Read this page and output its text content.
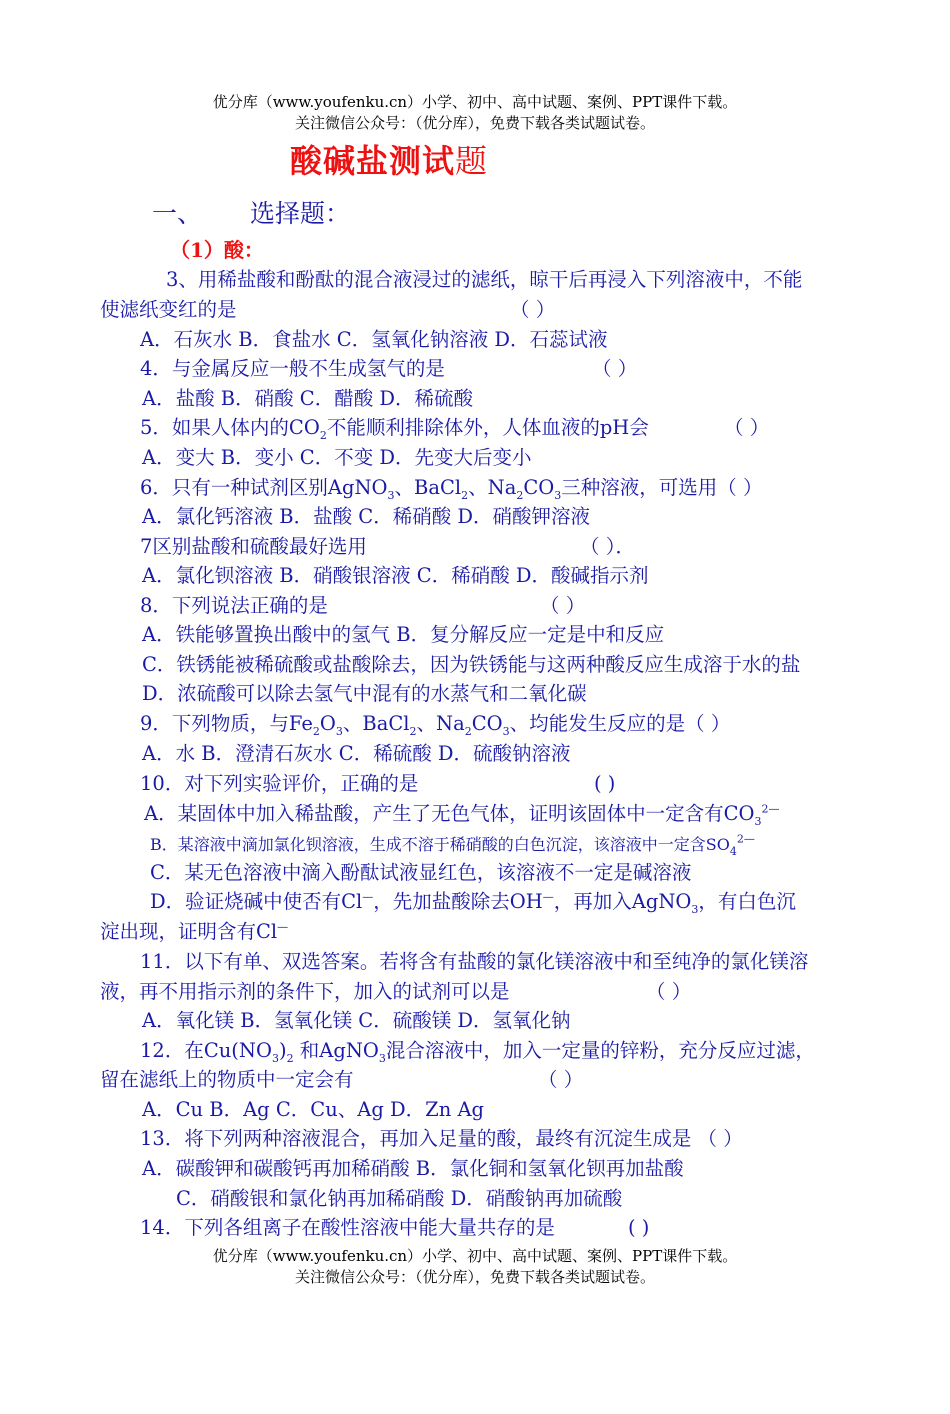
优分库（www.youfenku.cn）小学、初中、高中试题、案例、PPT课件下载。
关注微信公众号：（优分库），免费下载各类试题试卷。
酸碱盐测试题
一、 选择题：
（1）酸：
3、用稀盐酸和酚酞的混合液浸过的滤纸，晾干后再浸入下列溶液中，不能
使滤纸变红的是	（ ）
A．石灰水 B．食盐水 C．氢氧化钠溶液 D．石蕊试液
4．与金属反应一般不生成氢气的是	（ ）
A．盐酸 B．硝酸 C．醋酸 D．稀硫酸
5．如果人体内的$CO_2$不能顺利排除体外，人体血液的pH会	（ ）
A．变大 B．变小 C．不变 D．先变大后变小
6．只有一种试剂区别AgNO$_3$、BaCl$_2$、$Na_2CO_3$三种溶液，可选用（ ）
A．氯化钙溶液 B．盐酸 C．稀硝酸 D．硝酸钾溶液
7区别盐酸和硫酸最好选用	（ ）．
A．氯化钡溶液 B．硝酸银溶液 C．稀硝酸 D．酸碱指示剂
8．下列说法正确的是	（ ）
A．铁能够置换出酸中的氢气 B．复分解反应一定是中和反应
C．铁锈能被稀硫酸或盐酸除去，因为铁锈能与这两种酸反应生成溶于水的盐
D．浓硫酸可以除去氢气中混有的水蒸气和二氧化碳
9．下列物质，与$Fe_2O_3$、BaCl$_2$、$Na_2CO_3$、均能发生反应的是（ ）
A．水 B．澄清石灰水 C．稀硫酸 D．硫酸钠溶液
10．对下列实验评价，正确的是	( )
A．某固体中加入稀盐酸，产生了无色气体，证明该固体中一定含有$CO_3^{2—}$
B．某溶液中滴加氯化钡溶液，生成不溶于稀硝酸的白色沉淀，该溶液中一定含$SO_4^{2—}$
C．某无色溶液中滴入酚酞试液显红色，该溶液不一定是碱溶液
D．验证烧碱中使否有Cl—，先加盐酸除去OH—，再加入AgNO$_3$，有白色沉
淀出现，证明含有Cl—
11．以下有单、双选答案。若将含有盐酸的氯化镁溶液中和至纯净的氯化镁溶
液，再不用指示剂的条件下，加入的试剂可以是	（ ）
A．氧化镁 B．氢氧化镁 C．硫酸镁 D．氢氧化钠
12．在$Cu(NO_3)_2$ 和AgNO$_3$混合溶液中，加入一定量的锌粉，充分反应过滤，
留在滤纸上的物质中一定会有	（ ）
A．Cu B．Ag C．Cu、Ag D．Zn Ag
13．将下列两种溶液混合，再加入足量的酸，最终有沉淀生成是 （ ）
A．碳酸钾和碳酸钙再加稀硝酸 B．氯化铜和氢氧化钡再加盐酸
C．硝酸银和氯化钠再加稀硝酸 D．硝酸钠再加硫酸
14．下列各组离子在酸性溶液中能大量共存的是	( )
优分库（www.youfenku.cn）小学、初中、高中试题、案例、PPT课件下载。
关注微信公众号：（优分库），免费下载各类试题试卷。
